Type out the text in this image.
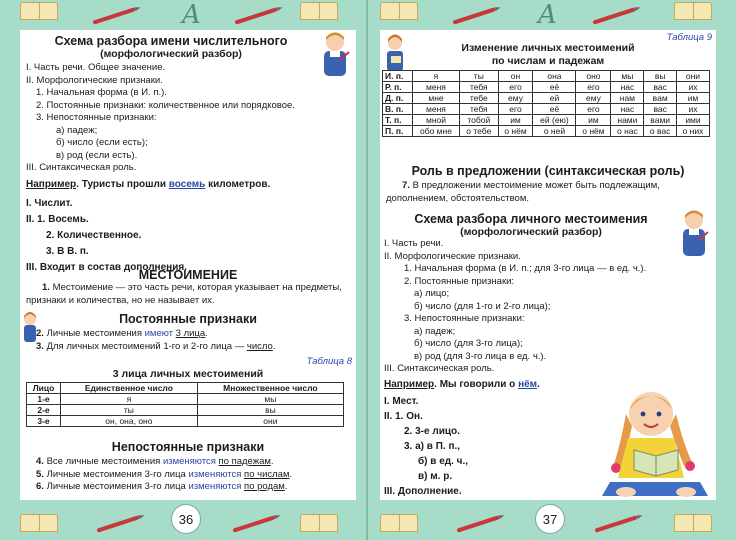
A
Схема разбора имени числительного
(морфологический разбор)
I. Часть речи. Общее значение.
II. Морфологические признаки.
1. Начальная форма (в И. п.).
2. Постоянные признаки: количественное или порядковое.
3. Непостоянные признаки:
а) падеж;
б) число (если есть);
в) род (если есть).
III. Синтаксическая роль.
Например. Туристы прошли восемь километров.
I. Числит.
II. 1. Восемь.
2. Количественное.
3. В В. п.
III. Входит в состав дополнения.
МЕСТОИМЕНИЕ
1. Местоимение — это часть речи, которая указывает на предметы, признаки и количества, но не называет их.
Постоянные признаки
2. Личные местоимения имеют 3 лица.
3. Для личных местоимений 1-го и 2-го лица — число.
Таблица 8
3 лица личных местоимений
Лицо	Единственное число	Множественное число
1-е	я	мы
2-е	ты	вы
3-е	он, она, оно	они
Непостоянные признаки
4. Все личные местоимения изменяются по падежам.
5. Личные местоимения 3-го лица изменяются по числам.
6. Личные местоимения 3-го лица изменяются по родам.
36
A
Таблица 9
Изменение личных местоимений
по числам и падежам
И. п.	я	ты	он	она	оно	мы	вы	они
Р. п.	меня	тебя	его	её	его	нас	вас	их
Д. п.	мне	тебе	ему	ей	ему	нам	вам	им
В. п.	меня	тебя	его	её	его	нас	вас	их
Т. п.	мной	тобой	им	ей (ею)	им	нами	вами	ими
П. п.	обо мне	о тебе	о нём	о ней	о нём	о нас	о вас	о них
Роль в предложении (синтаксическая роль)
7. В предложении местоимение может быть подлежащим, дополнением, обстоятельством.
Схема разбора личного местоимения
(морфологический разбор)
I. Часть речи.
II. Морфологические признаки.
1. Начальная форма (в И. п.; для 3-го лица — в ед. ч.).
2. Постоянные признаки:
а) лицо;
б) число (для 1-го и 2-го лица);
3. Непостоянные признаки:
а) падеж;
б) число (для 3-го лица);
в) род (для 3-го лица в ед. ч.).
III. Синтаксическая роль.
Например. Мы говорили о нём.
I. Мест.
II. 1. Он.
2. 3-е лицо.
3. а) в П. п.,
б) в ед. ч.,
в) м. р.
III. Дополнение.
37
